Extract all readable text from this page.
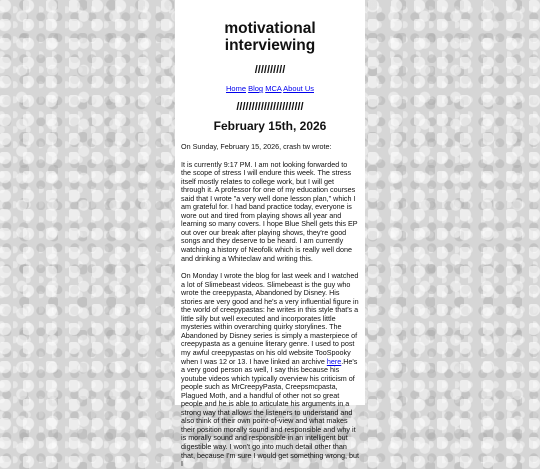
motivational interviewing
//////////
Home Blog MCA About Us
//////////////////////
February 15th, 2026
On Sunday, February 15, 2026, crash tw wrote:

It is currently 9:17 PM. I am not looking forwarded to the scope of stress I will endure this week. The stress itself mostly relates to college work, but I will get through it. A professor for one of my education courses said that I wrote "a very well done lesson plan," which I am grateful for. I had band practice today, everyone is wore out and tired from playing shows all year and learning so many covers. I hope Blue Shell gets this EP out over our break after playing shows, they're good songs and they deserve to be heard. I am currently watching a history of Neofolk which is really well done and drinking a Whiteclaw and writing this.

On Monday I wrote the blog for last week and I watched a lot of Slimebeast videos. Slimebeast is the guy who wrote the creepypasta, Abandoned by Disney. His stories are very good and he's a very influential figure in the world of creepypastas: he writes in this style that's a little silly but well executed and incorporates little mysteries within overarching quirky storylines. The Abandoned by Disney series is simply a masterpiece of creepypasta as a genuine literary genre. I used to post my awful creepypastas on his old website TooSpooky when I was 12 or 13. I have linked an archive here.He's a very good person as well, I say this because his youtube videos which typically overview his criticism of people such as MrCreepyPasta, Creepsmcpasta, Plagued Moth, and a handful of other not so great people and he is able to articulate his arguments in a strong way that allows the listeners to understand and also think of their own point-of-view and what makes their position morally sound and responsible and why it is morally sound and responsible in an intelligent but digestible way. I won't go into much detail other than that, because I'm sure I would get something wrong, but I
